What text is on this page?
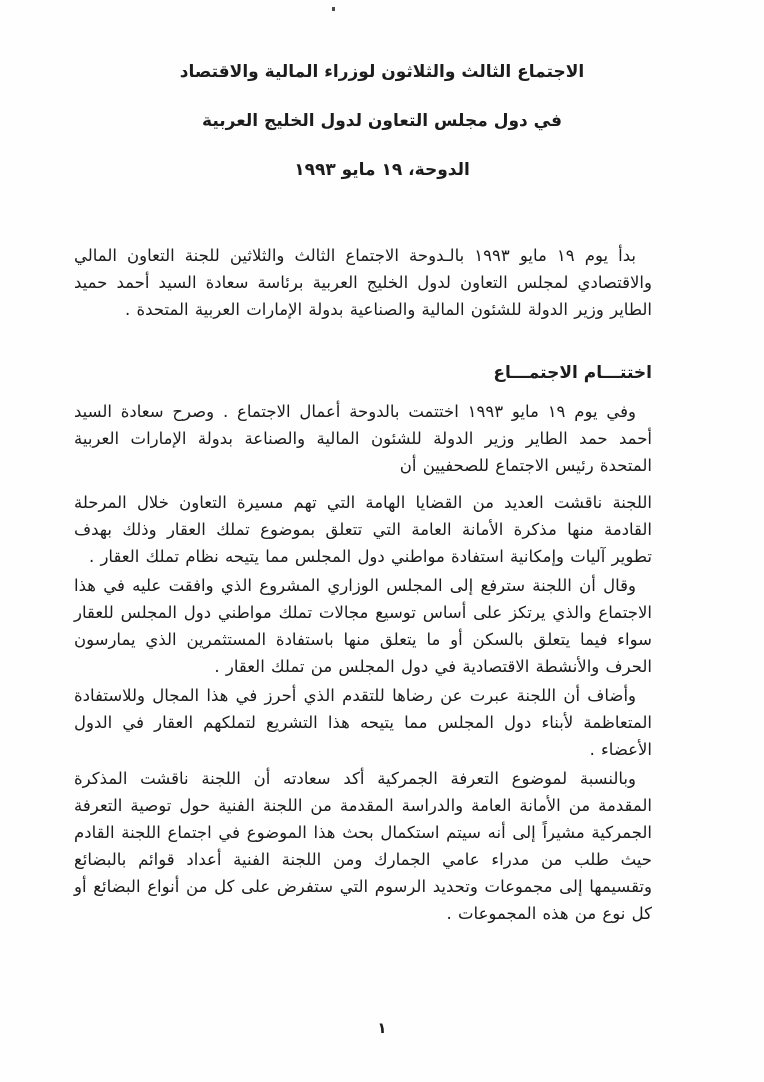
الاجتماع الثالث والثلاثون لوزراء المالية والاقتصاد
في دول مجلس التعاون لدول الخليج العربية
الدوحة، ١٩ مايو ١٩٩٣

بدأ يوم ١٩ مايو ١٩٩٣ بالـدوحة الاجتماع الثالث والثلاثين للجنة التعاون المالي والاقتصادي لمجلس التعاون لدول الخليج العربية برئاسة سعادة السيد أحمد حميد الطاير وزير الدولة للشئون المالية والصناعية بدولة الإمارات العربية المتحدة .

اختتـــام الاجتمـــاع

وفي يوم ١٩ مايو ١٩٩٣ اختتمت بالدوحة أعمال الاجتماع . وصرح سعادة السيد أحمد حمد الطاير وزير الدولة للشئون المالية والصناعة بدولة الإمارات العربية المتحدة رئيس الاجتماع للصحفيين أن

اللجنة ناقشت العديد من القضايا الهامة التي تهم مسيرة التعاون خلال المرحلة القادمة منها مذكرة الأمانة العامة التي تتعلق بموضوع تملك العقار وذلك بهدف تطوير آليات وإمكانية استفادة مواطني دول المجلس مما يتيحه نظام تملك العقار .

وقال أن اللجنة سترفع إلى المجلس الوزاري المشروع الذي وافقت عليه في هذا الاجتماع والذي يرتكز على أساس توسيع مجالات تملك مواطني دول المجلس للعقار سواء فيما يتعلق بالسكن أو ما يتعلق منها باستفادة المستثمرين الذي يمارسون الحرف والأنشطة الاقتصادية في دول المجلس من تملك العقار .

وأضاف أن اللجنة عبرت عن رضاها للتقدم الذي أحرز في هذا المجال وللاستفادة المتعاظمة لأبناء دول المجلس مما يتيحه هذا التشريع لتملكهم العقار في الدول الأعضاء .

وبالنسبة لموضوع التعرفة الجمركية أكد سعادته أن اللجنة ناقشت المذكرة المقدمة من الأمانة العامة والدراسة المقدمة من اللجنة الفنية حول توصية التعرفة الجمركية مشيراً إلى أنه سيتم استكمال بحث هذا الموضوع في اجتماع اللجنة القادم حيث طلب من مدراء عامي الجمارك ومن اللجنة الفنية أعداد قوائم بالبضائع وتقسيمها إلى مجموعات وتحديد الرسوم التي ستفرض على كل من أنواع البضائع أو كل نوع من هذه المجموعات .

١
